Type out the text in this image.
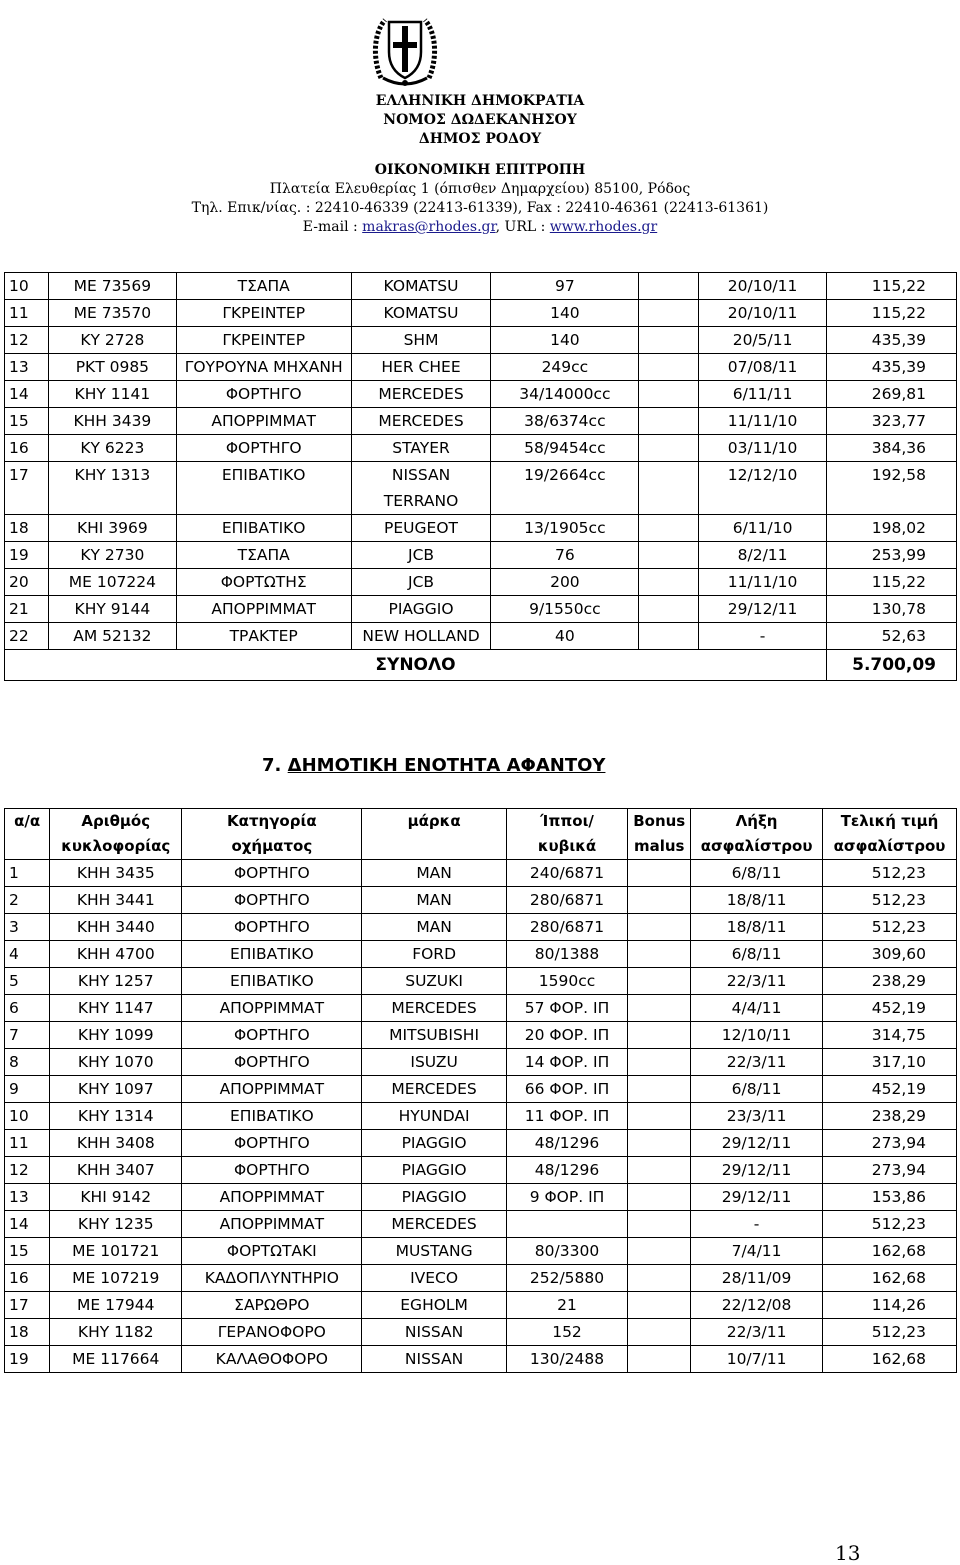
ΕΛΛΗΝΙΚΗ ΔΗΜΟΚΡΑΤΙΑ
ΝΟΜΟΣ ΔΩΔΕΚΑΝΗΣΟΥ
ΔΗΜΟΣ ΡΟΔΟΥ
ΟΙΚΟΝΟΜΙΚΗ ΕΠΙΤΡΟΠΗ
Πλατεία Ελευθερίας 1 (όπισθεν Δημαρχείου) 85100, Ρόδος
Τηλ. Επικ/νίας. : 22410-46339 (22413-61339), Fax : 22410-46361 (22413-61361)
E-mail : makras@rhodes.gr, URL : www.rhodes.gr
10	ΜΕ 73569	ΤΣΑΠΑ	KOMATSU	97		20/10/11	115,22
11	ΜΕ 73570	ΓΚΡΕΙΝΤΕΡ	KOMATSU	140		20/10/11	115,22
12	ΚΥ 2728	ΓΚΡΕΙΝΤΕΡ	SHM	140		20/5/11	435,39
13	ΡΚΤ 0985	ΓΟΥΡΟΥΝΑ ΜΗΧΑΝΗ	HER CHEE	249cc		07/08/11	435,39
14	ΚΗΥ 1141	ΦΟΡΤΗΓΟ	MERCEDES	34/14000cc		6/11/11	269,81
15	ΚΗΗ 3439	ΑΠΟΡΡΙΜΜΑΤ	MERCEDES	38/6374cc		11/11/10	323,77
16	ΚΥ 6223	ΦΟΡΤΗΓΟ	STAYER	58/9454cc		03/11/10	384,36
17	ΚΗΥ 1313	ΕΠΙΒΑΤΙΚΟ	NISSAN TERRANO	19/2664cc		12/12/10	192,58
18	ΚΗΙ 3969	ΕΠΙΒΑΤΙΚΟ	PEUGEOT	13/1905cc		6/11/10	198,02
19	ΚΥ 2730	ΤΣΑΠΑ	JCB	76		8/2/11	253,99
20	ΜΕ 107224	ΦΟΡΤΩΤΗΣ	JCB	200		11/11/10	115,22
21	ΚΗΥ 9144	ΑΠΟΡΡΙΜΜΑΤ	PIAGGIO	9/1550cc		29/12/11	130,78
22	ΑΜ 52132	ΤΡΑΚΤΕΡ	NEW HOLLAND	40		-	52,63
ΣΥΝΟΛΟ							5.700,09
7. ΔΗΜΟΤΙΚΗ ΕΝΟΤΗΤΑ ΑΦΑΝΤΟΥ
α/α	Αριθμός κυκλοφορίας	Κατηγορία οχήματος	μάρκα	Ίπποι/ κυβικά	Bonus malus	Λήξη ασφαλίστρου	Τελική τιμή ασφαλίστρου
1	ΚΗΗ 3435	ΦΟΡΤΗΓΟ	ΜΑΝ	240/6871		6/8/11	512,23
2	ΚΗΗ 3441	ΦΟΡΤΗΓΟ	ΜΑΝ	280/6871		18/8/11	512,23
3	ΚΗΗ 3440	ΦΟΡΤΗΓΟ	ΜΑΝ	280/6871		18/8/11	512,23
4	ΚΗΗ 4700	ΕΠΙΒΑΤΙΚΟ	FORD	80/1388		6/8/11	309,60
5	ΚΗΥ 1257	ΕΠΙΒΑΤΙΚΟ	SUZUKI	1590cc		22/3/11	238,29
6	ΚΗΥ 1147	ΑΠΟΡΡΙΜΜΑΤ	MERCEDES	57 ΦΟΡ. ΙΠ		4/4/11	452,19
7	ΚΗΥ 1099	ΦΟΡΤΗΓΟ	MITSUBISHI	20 ΦΟΡ. ΙΠ		12/10/11	314,75
8	ΚΗΥ 1070	ΦΟΡΤΗΓΟ	ISUZU	14 ΦΟΡ. ΙΠ		22/3/11	317,10
9	ΚΗΥ 1097	ΑΠΟΡΡΙΜΜΑΤ	MERCEDES	66 ΦΟΡ. ΙΠ		6/8/11	452,19
10	ΚΗΥ 1314	ΕΠΙΒΑΤΙΚΟ	HYUNDAI	11 ΦΟΡ. ΙΠ		23/3/11	238,29
11	ΚΗΗ 3408	ΦΟΡΤΗΓΟ	PIAGGIO	48/1296		29/12/11	273,94
12	ΚΗΗ 3407	ΦΟΡΤΗΓΟ	PIAGGIO	48/1296		29/12/11	273,94
13	ΚΗΙ 9142	ΑΠΟΡΡΙΜΜΑΤ	PIAGGIO	9 ΦΟΡ. ΙΠ		29/12/11	153,86
14	ΚΗΥ 1235	ΑΠΟΡΡΙΜΜΑΤ	MERCEDES			-	512,23
15	ΜΕ 101721	ΦΟΡΤΩΤΑΚΙ	MUSTANG	80/3300		7/4/11	162,68
16	ΜΕ 107219	ΚΑΔΟΠΛΥΝΤΗΡΙΟ	IVECO	252/5880		28/11/09	162,68
17	ΜΕ 17944	ΣΑΡΩΘΡΟ	EGHOLM	21		22/12/08	114,26
18	ΚΗΥ 1182	ΓΕΡΑΝΟΦΟΡΟ	NISSAN	152		22/3/11	512,23
19	ΜΕ 117664	ΚΑΛΑΘΟΦΟΡΟ	NISSAN	130/2488		10/7/11	162,68
13
